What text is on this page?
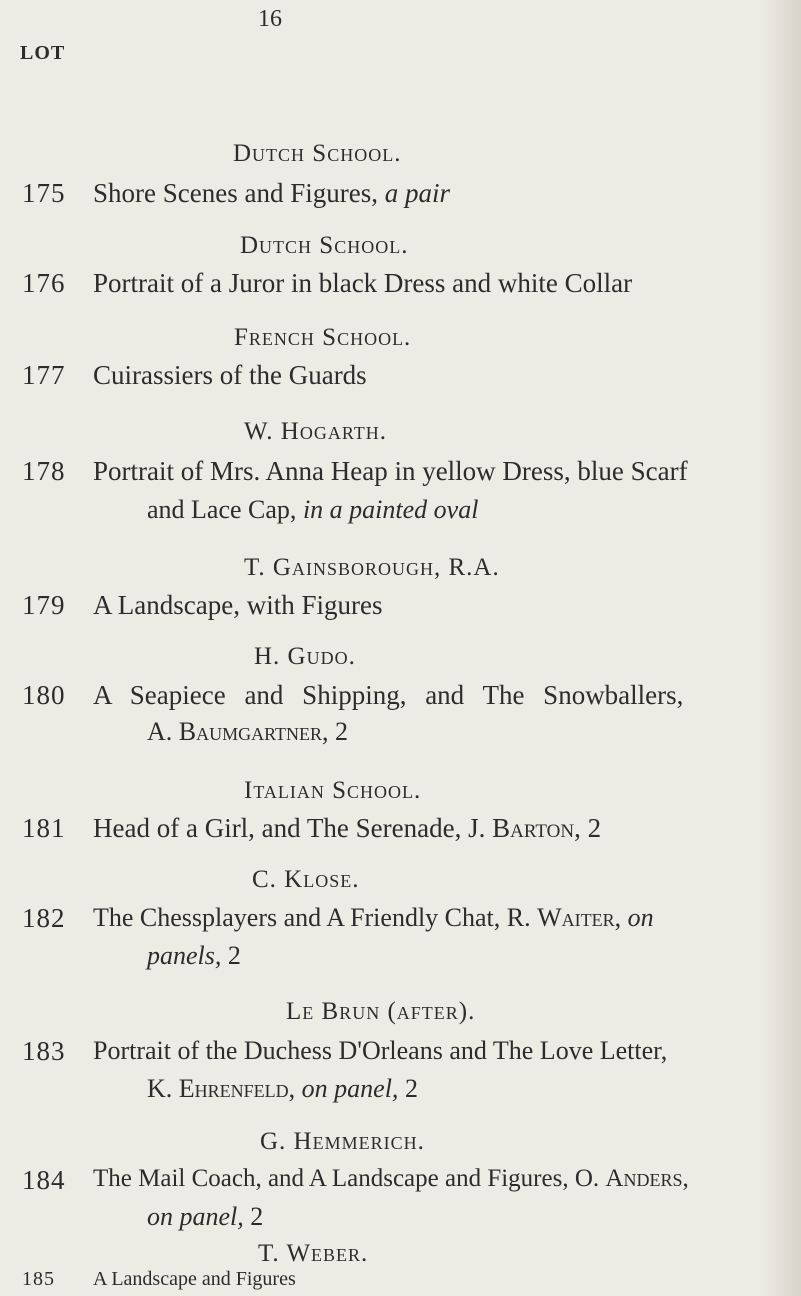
16
LOT
Dutch School.
175 Shore Scenes and Figures, a pair
Dutch School.
176 Portrait of a Juror in black Dress and white Collar
French School.
177 Cuirassiers of the Guards
W. Hogarth.
178 Portrait of Mrs. Anna Heap in yellow Dress, blue Scarf
and Lace Cap, in a painted oval
T. Gainsborough, R.A.
179 A Landscape, with Figures
H. Gudo.
180 A Seapiece and Shipping, and The Snowballers,
A. Baumgartner, 2
Italian School.
181 Head of a Girl, and The Serenade, J. Barton, 2
C. Klose.
182 The Chessplayers and A Friendly Chat, R. Waiter, on
panels, 2
Le Brun (after).
183 Portrait of the Duchess D'Orleans and The Love Letter,
K. Ehrenfeld, on panel, 2
G. Hemmerich.
184 The Mail Coach, and A Landscape and Figures, O. Anders,
on panel, 2
T. Weber.
185 A Landscape and Figures
